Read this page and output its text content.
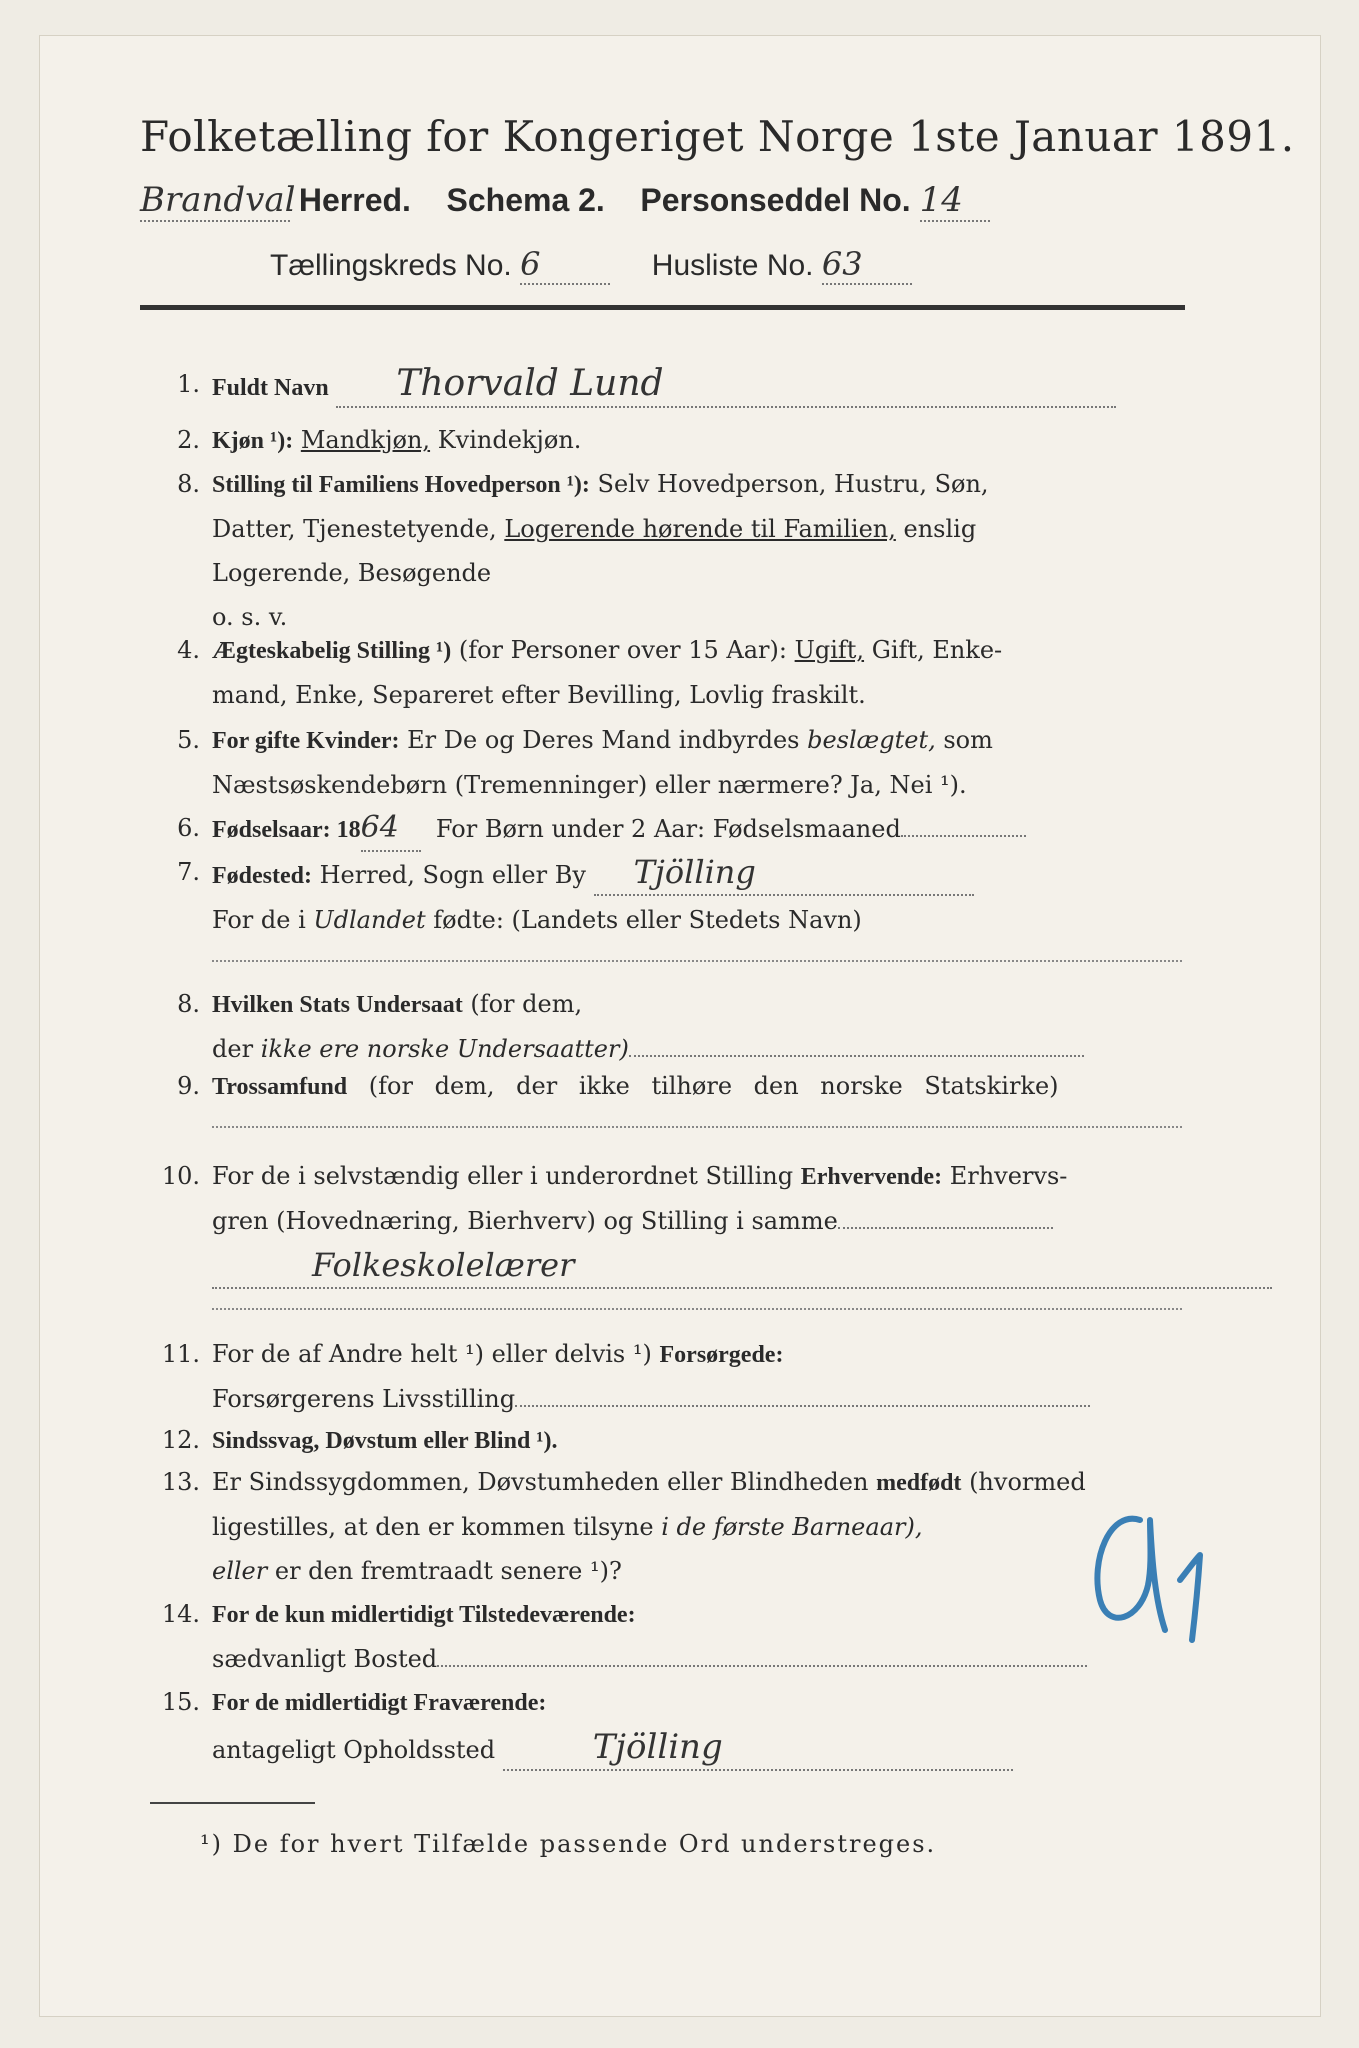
Folketælling for Kongeriget Norge 1ste Januar 1891.
Brandval Herred. Schema 2. Personseddel No. 14
Tællingskreds No. 6	Husliste No. 63
1. Fuldt Navn Thorvald Lund
2. Kjøn ¹): Mandkjøn, Kvindekjøn.
8. Stilling til Familiens Hovedperson ¹): Selv Hovedperson, Hustru, Søn,
Datter, Tjenestetyende, Logerende hørende til Familien, enslig
Logerende, Besøgende
o. s. v.
4. Ægteskabelig Stilling ¹) (for Personer over 15 Aar): Ugift, Gift, Enke-
mand, Enke, Separeret efter Bevilling, Lovlig fraskilt.
5. For gifte Kvinder: Er De og Deres Mand indbyrdes beslægtet, som
Næstsøskendebørn (Tremenninger) eller nærmere? Ja, Nei ¹).
6. Fødselsaar: 1864 For Børn under 2 Aar: Fødselsmaaned
7. Fødested: Herred, Sogn eller By Tjölling
For de i Udlandet fødte: (Landets eller Stedets Navn)
8. Hvilken Stats Undersaat (for dem,
der ikke ere norske Undersaatter)
9. Trossamfund (for dem, der ikke tilhøre den norske Statskirke)
10. For de i selvstændig eller i underordnet Stilling Erhvervende: Erhvervs-
gren (Hovednæring, Bierhverv) og Stilling i samme
Folkeskolelærer
11. For de af Andre helt ¹) eller delvis ¹) Forsørgede:
Forsørgerens Livsstilling
12. Sindssvag, Døvstum eller Blind ¹).
13. Er Sindssygdommen, Døvstumheden eller Blindheden medfødt (hvormed
ligestilles, at den er kommen tilsyne i de første Barneaar),
eller er den fremtraadt senere ¹)?
14. For de kun midlertidigt Tilstedeværende:
sædvanligt Bosted
15. For de midlertidigt Fraværende:
antageligt Opholdssted	Tjölling
¹) De for hvert Tilfælde passende Ord understreges.
